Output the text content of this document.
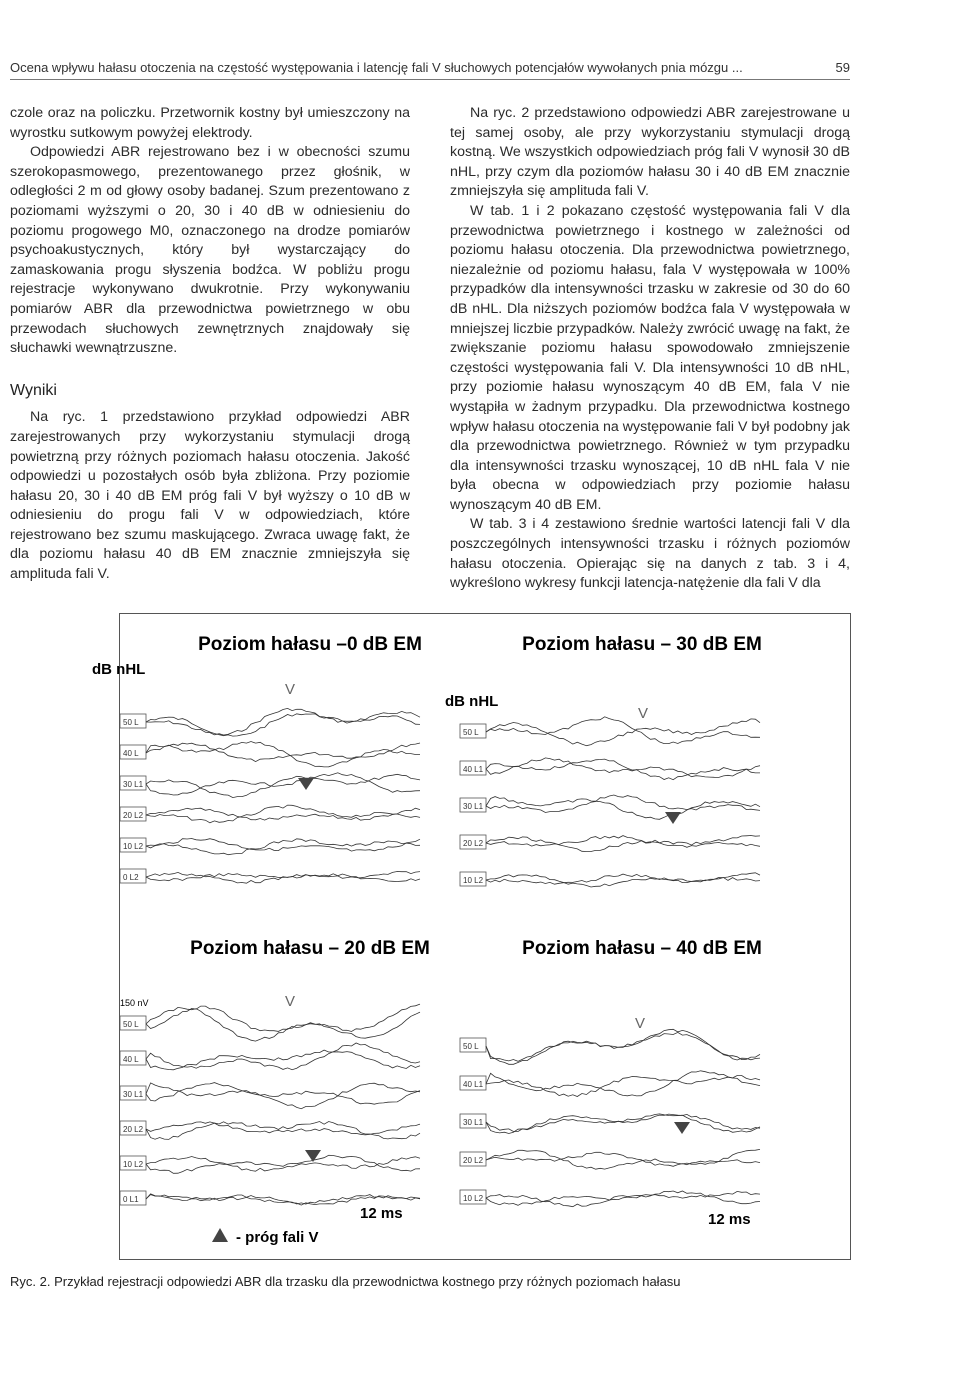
Ocena wpływu hałasu otoczenia na częstość występowania i latencję fali V słuchowych potencjałów wywołanych pnia mózgu ...	59

czole oraz na policzku. Przetwornik kostny był umieszczony na wyrostku sutkowym powyżej elektrody.

Odpowiedzi ABR rejestrowano bez i w obecności szumu szerokopasmowego, prezentowanego przez głośnik, w odległości 2 m od głowy osoby badanej. Szum prezentowano z poziomami wyższymi o 20, 30 i 40 dB w odniesieniu do poziomu progowego M0, oznaczonego na drodze pomiarów psychoakustycznych, który był wystarczający do zamaskowania progu słyszenia bodźca. W pobliżu progu rejestracje wykonywano dwukrotnie. Przy wykonywaniu pomiarów ABR dla przewodnictwa powietrznego w obu przewodach słuchowych zewnętrznych znajdowały się słuchawki wewnątrzuszne.

Wyniki

Na ryc. 1 przedstawiono przykład odpowiedzi ABR zarejestrowanych przy wykorzystaniu stymulacji drogą powietrzną przy różnych poziomach hałasu otoczenia. Jakość odpowiedzi u pozostałych osób była zbliżona. Przy poziomie hałasu 20, 30 i 40 dB EM próg fali V był wyższy o 10 dB w odniesieniu do progu fali V w odpowiedziach, które rejestrowano bez szumu maskującego. Zwraca uwagę fakt, że dla poziomu hałasu 40 dB EM znacznie zmniejszyła się amplituda fali V.

Na ryc. 2 przedstawiono odpowiedzi ABR zarejestrowane u tej samej osoby, ale przy wykorzystaniu stymulacji drogą kostną. We wszystkich odpowiedziach próg fali V wynosił 30 dB nHL, przy czym dla poziomów hałasu 30 i 40 dB EM znacznie zmniejszyła się amplituda fali V.

W tab. 1 i 2 pokazano częstość występowania fali V dla przewodnictwa powietrznego i kostnego w zależności od poziomu hałasu otoczenia. Dla przewodnictwa powietrznego, niezależnie od poziomu hałasu, fala V występowała w 100% przypadków dla intensywności trzasku w zakresie od 30 do 60 dB nHL. Dla niższych poziomów bodźca fala V występowała w mniejszej liczbie przypadków. Należy zwrócić uwagę na fakt, że zwiększanie poziomu hałasu spowodowało zmniejszenie częstości występowania fali V. Dla intensywności 10 dB nHL, przy poziomie hałasu wynoszącym 40 dB EM, fala V nie wystąpiła w żadnym przypadku. Dla przewodnictwa kostnego wpływ hałasu otoczenia na występowanie fali V był podobny jak dla przewodnictwa powietrznego. Również w tym przypadku dla intensywności trzasku wynoszącej, 10 dB nHL fala V nie była obecna w odpowiedziach przy poziomie hałasu wynoszącym 40 dB EM.

W tab. 3 i 4 zestawiono średnie wartości latencji fali V dla poszczególnych intensywności trzasku i różnych poziomów hałasu otoczenia. Opierając się na danych z tab. 3 i 4, wykreślono wykresy funkcji latencja-natężenie dla fali V dla

Poziom hałasu –0 dB EM
dB nHL
V
50 L
40 L
30 L1
20 L2
10 L2
0 L2
Poziom hałasu – 30 dB EM
dB nHL
V
50 L
40 L1
30 L1
20 L2
10 L2
Poziom hałasu – 20 dB EM
150 nV	V
50 L
40 L
30 L1
20 L2
10 L2
0 L1
12 ms
Poziom hałasu – 40 dB EM
V
50 L
40 L1
30 L1
20 L2
10 L2
12 ms
- próg fali V
Ryc. 2. Przykład rejestracji odpowiedzi ABR dla trzasku dla przewodnictwa kostnego przy różnych poziomach hałasu
